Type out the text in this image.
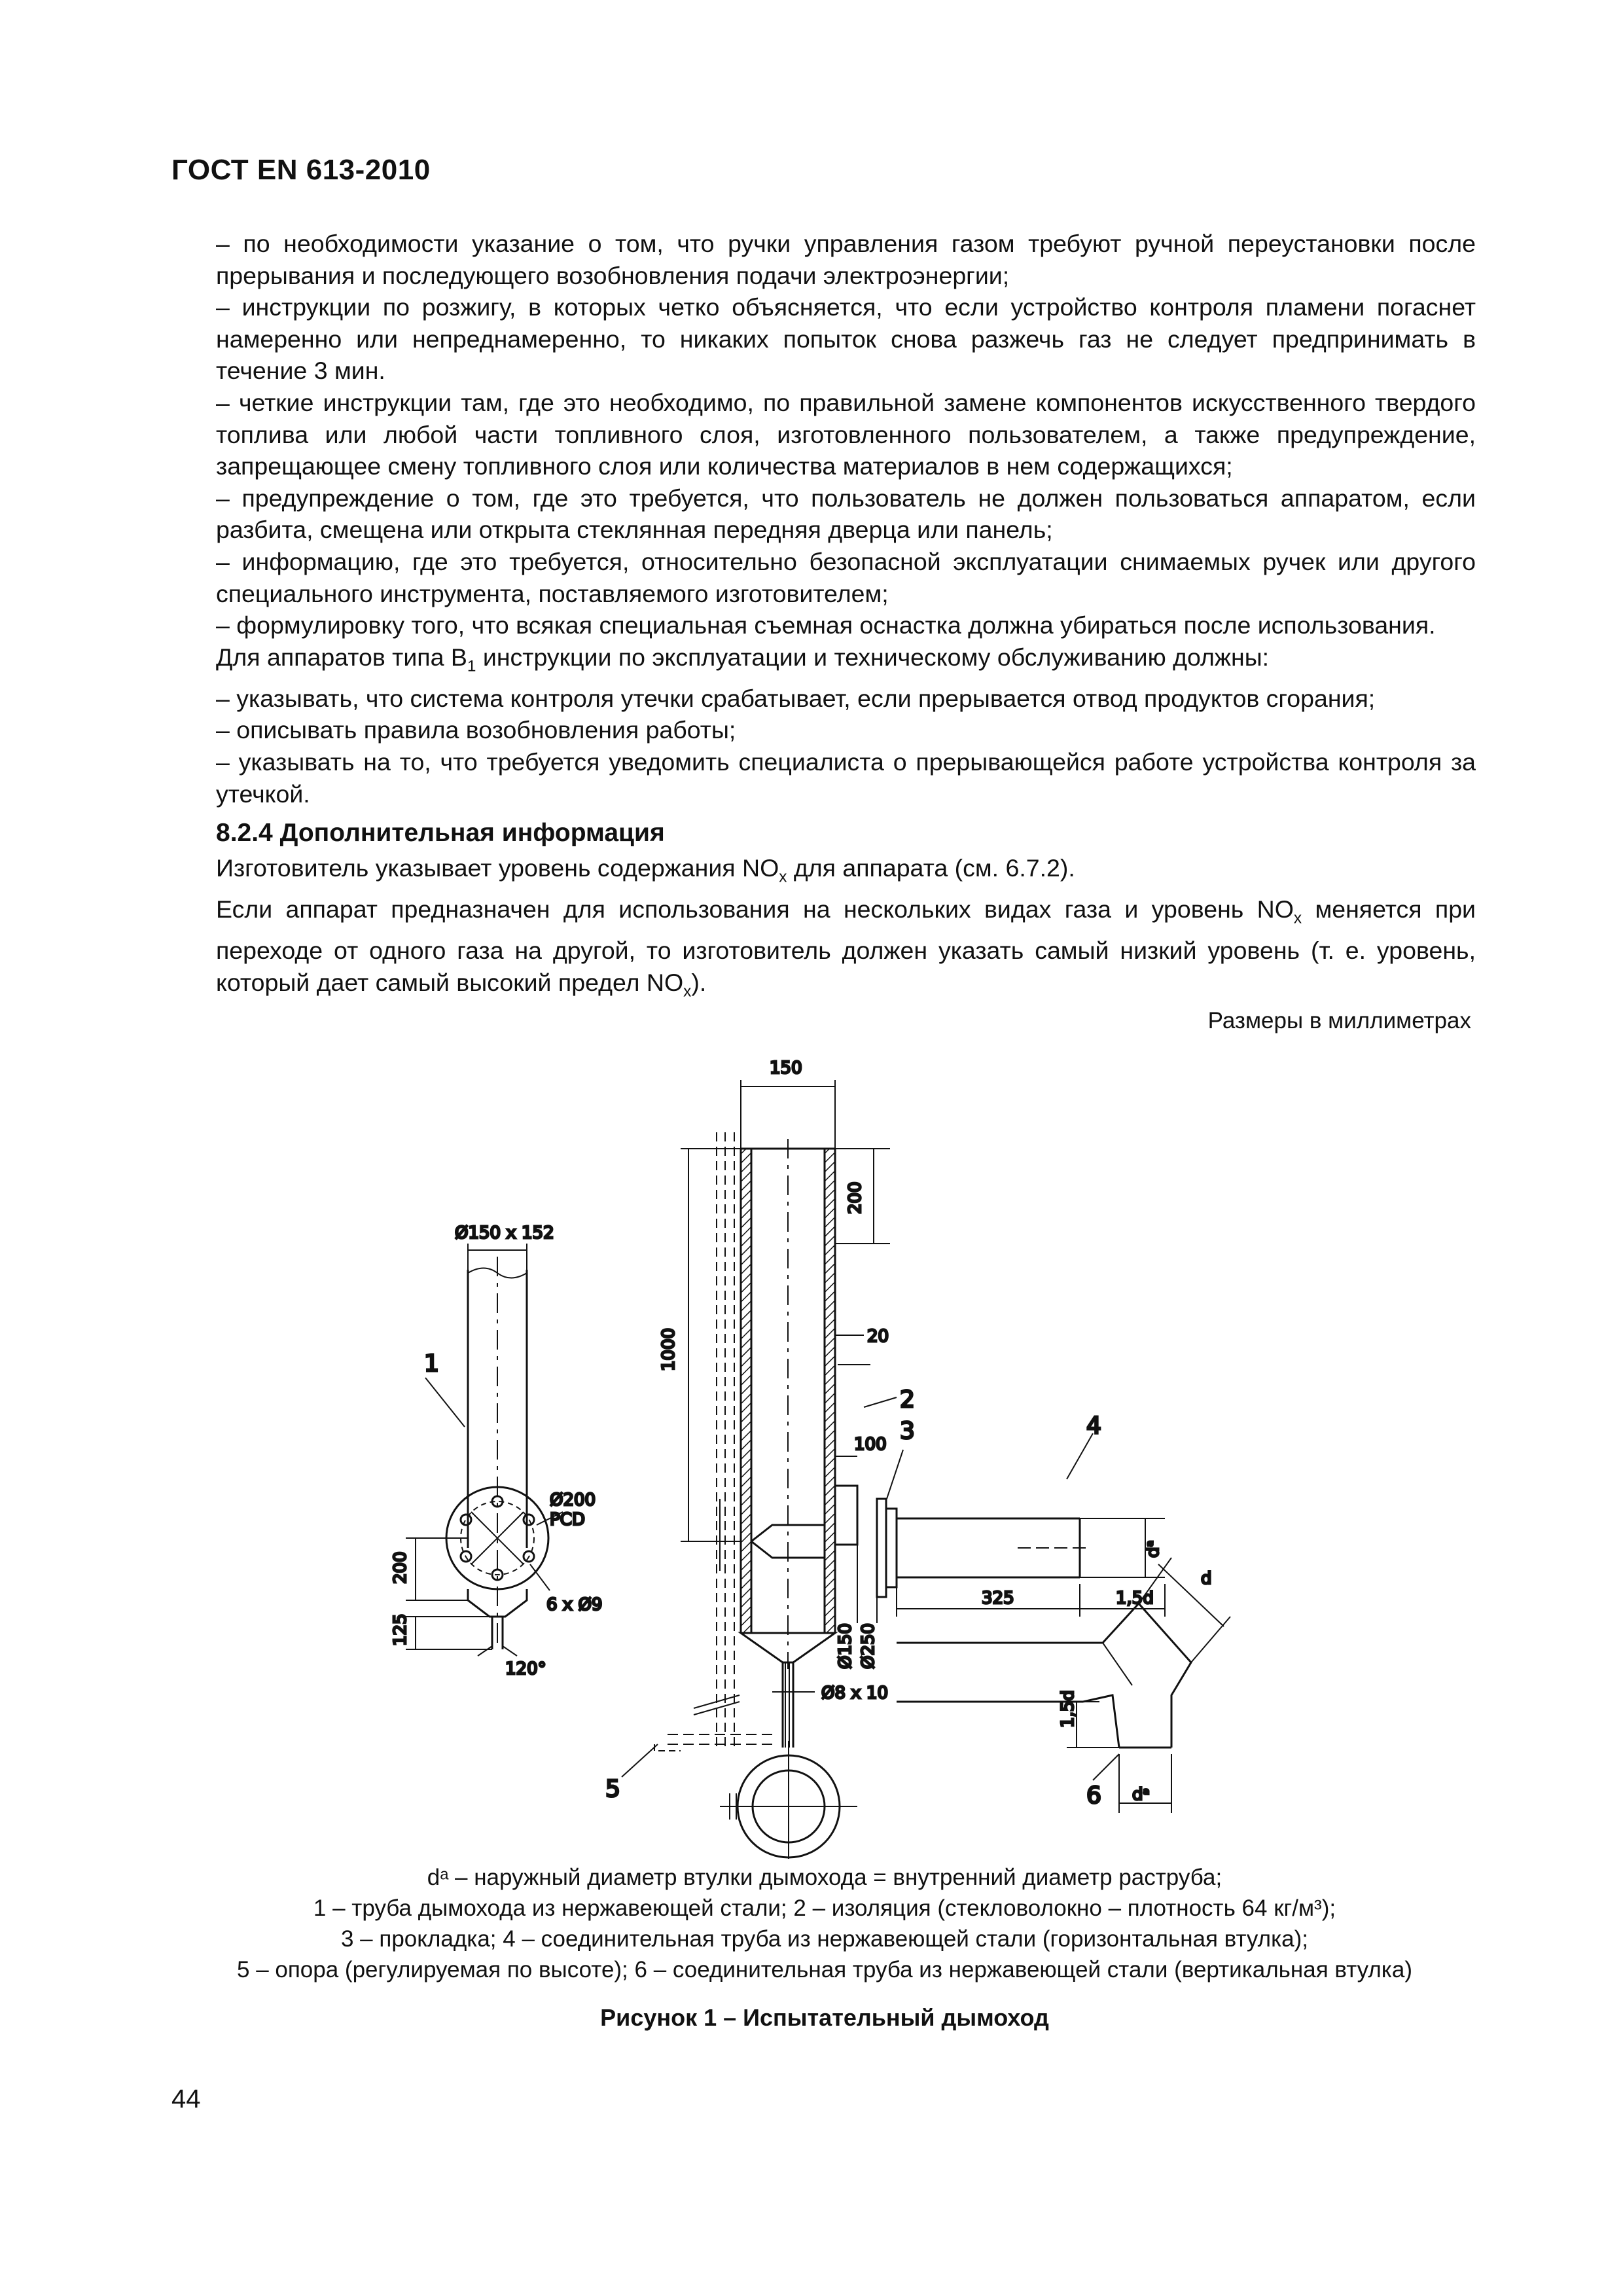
ГОСТ EN 613-2010

– по необходимости указание о том, что ручки управления газом требуют ручной переустановки после прерывания и последующего возобновления подачи электроэнергии;

– инструкции по розжигу, в которых четко объясняется, что если устройство контроля пламени погаснет намеренно или непреднамеренно, то никаких попыток снова разжечь газ не следует предпринимать в течение 3 мин.

– четкие инструкции там, где это необходимо, по правильной замене компонентов искусственного твердого топлива или любой части топливного слоя, изготовленного пользователем, а также предупреждение, запрещающее смену топливного слоя или количества материалов в нем содержащихся;

– предупреждение о том, где это требуется, что пользователь не должен пользоваться аппаратом, если разбита, смещена или открыта стеклянная передняя дверца или панель;

– информацию, где это требуется, относительно безопасной эксплуатации снимаемых ручек или другого специального инструмента, поставляемого изготовителем;

– формулировку того, что всякая специальная съемная оснастка должна убираться после использования.

Для аппаратов типа $B_1$ инструкции по эксплуатации и техническому обслуживанию должны:

– указывать, что система контроля утечки срабатывает, если прерывается отвод продуктов сгорания;

– описывать правила возобновления работы;

– указывать на то, что требуется уведомить специалиста о прерывающейся работе устройства контроля за утечкой.

8.2.4 Дополнительная информация

Изготовитель указывает уровень содержания $NO_x$ для аппарата (см. 6.7.2).

Если аппарат предназначен для использования на нескольких видах газа и уровень $NO_x$ меняется при переходе от одного газа на другой, то изготовитель должен указать самый низкий уровень (т. е. уровень, который дает самый высокий предел $NO_x$).

Размеры в миллиметрах
150
200
1000	20
100
Ø150 Ø250
Ø8 x 10
Ø150 x 152
Ø200
PCD
6 x Ø9
200
125
120°
325	1,5d
dᵃ
1,5d
d
dᵃ
1
2
3	4
5	6

dᵃ – наружный диаметр втулки дымохода = внутренний диаметр раструба;

1 – труба дымохода из нержавеющей стали; 2 – изоляция (стекловолокно – плотность 64 кг/м³);

3 – прокладка; 4 – соединительная труба из нержавеющей стали (горизонтальная втулка);

5 – опора (регулируемая по высоте); 6 – соединительная труба из нержавеющей стали (вертикальная втулка)

Рисунок 1 – Испытательный дымоход
44
